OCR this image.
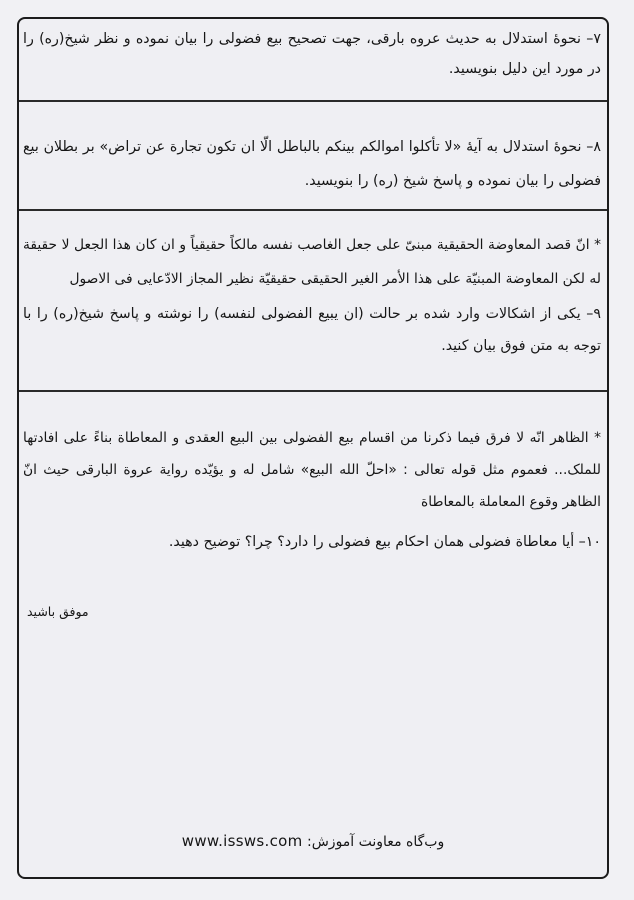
۷– نحوهٔ استدلال به حدیث عروه بارقی، جهت تصحیح بیع فضولی را بیان نموده و نظر شیخ(ره) را در مورد این دلیل بنویسید.

۸– نحوهٔ استدلال به آیهٔ «لا تأکلوا اموالکم بینکم بالباطل الّا ان تکون تجارة عن تراض» بر بطلان بیع فضولی را بیان نموده و پاسخ شیخ (ره) را بنویسید.

* انّ قصد المعاوضة الحقیقیة مبنیّ علی جعل الغاصب نفسه مالکاً حقیقیاً و ان کان هذا الجعل لا حقیقة له لکن المعاوضة المبنیّة علی هذا الأمر الغیر الحقیقی حقیقیّة نظیر المجاز الادّعایی فی الاصول

۹– یکی از اشکالات وارد شده بر حالت (ان یبیع الفضولی لنفسه) را نوشته و پاسخ شیخ(ره) را با توجه به متن فوق بیان کنید.

* الظاهر انّه لا فرق فیما ذکرنا من اقسام بیع الفضولی بین البیع العقدی و المعاطاة بناءً علی افادتها للملک... فعموم مثل قوله تعالی : «احلّ الله البیع» شامل له و یؤیّده روایة عروة البارقی حیث انّ الظاهر وقوع المعاملة بالمعاطاة

۱۰– أیا معاطاة فضولی همان احکام بیع فضولی را دارد؟ چرا؟ توضیح دهید.

موفق باشید
وب‌گاه معاونت آموزش: www.issws.com
